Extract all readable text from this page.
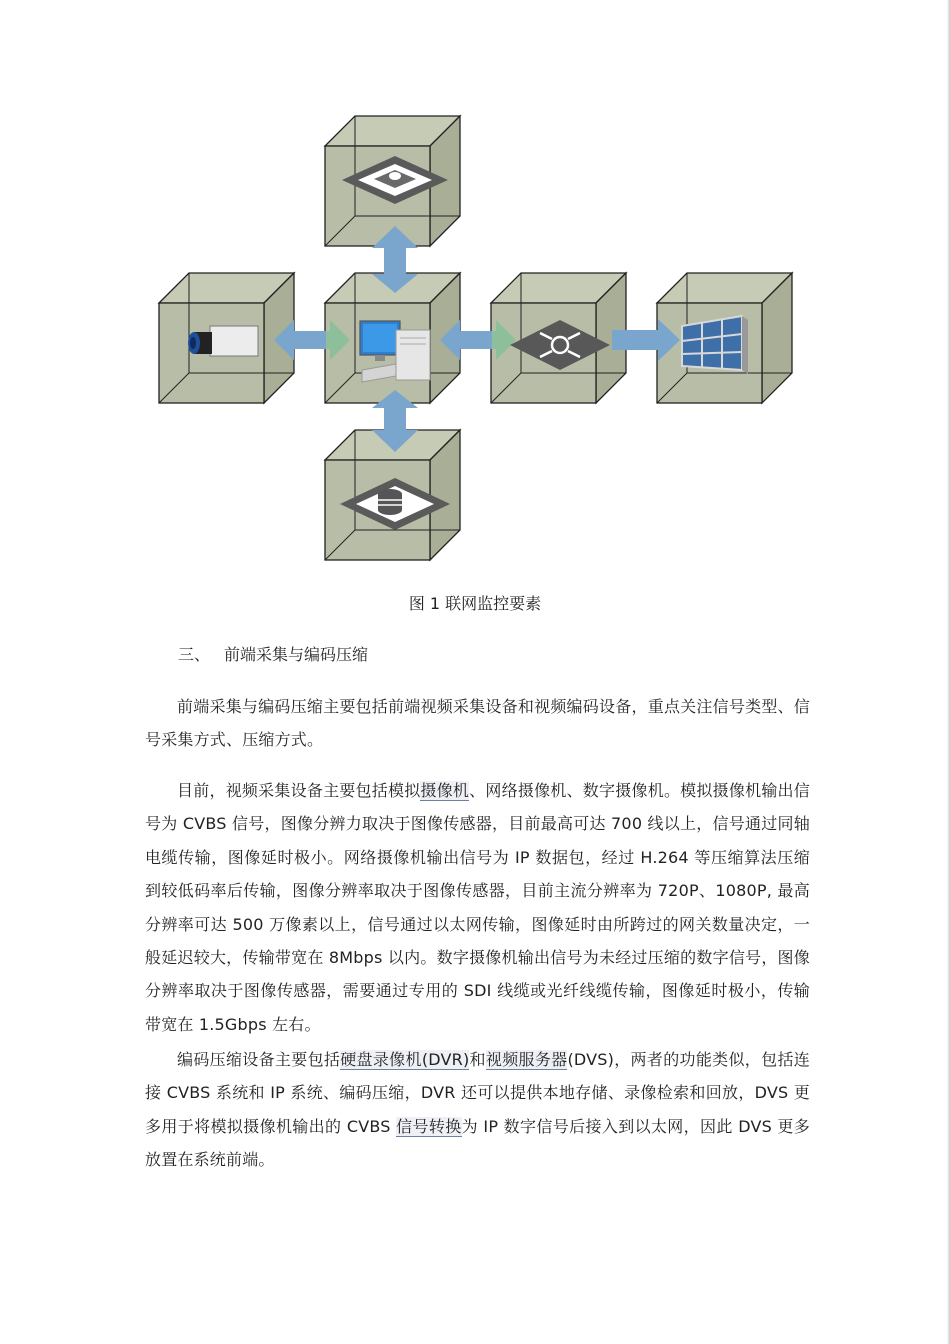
图 1 联网监控要素
三、 前端采集与编码压缩

前端采集与编码压缩主要包括前端视频采集设备和视频编码设备，重点关注信号类型、信号采集方式、压缩方式。

目前，视频采集设备主要包括模拟摄像机、网络摄像机、数字摄像机。模拟摄像机输出信号为 CVBS 信号，图像分辨力取决于图像传感器，目前最高可达 700 线以上，信号通过同轴电缆传输，图像延时极小。网络摄像机输出信号为 IP 数据包，经过 H.264 等压缩算法压缩到较低码率后传输，图像分辨率取决于图像传感器，目前主流分辨率为 720P、1080P, 最高分辨率可达 500 万像素以上，信号通过以太网传输，图像延时由所跨过的网关数量决定，一般延迟较大，传输带宽在 8Mbps 以内。数字摄像机输出信号为未经过压缩的数字信号，图像分辨率取决于图像传感器，需要通过专用的 SDI 线缆或光纤线缆传输，图像延时极小，传输带宽在 1.5Gbps 左右。

编码压缩设备主要包括硬盘录像机(DVR)和视频服务器(DVS)，两者的功能类似，包括连接 CVBS 系统和 IP 系统、编码压缩，DVR 还可以提供本地存储、录像检索和回放，DVS 更多用于将模拟摄像机输出的 CVBS 信号转换为 IP 数字信号后接入到以太网，因此 DVS 更多放置在系统前端。
